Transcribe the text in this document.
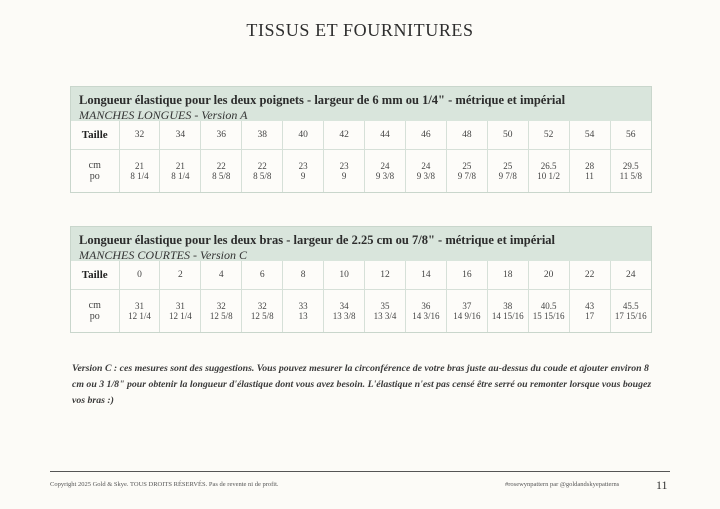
TISSUS ET FOURNITURES
Longueur élastique pour les deux poignets - largeur de 6 mm ou 1/4" - métrique et impérial
MANCHES LONGUES - Version A
Taille	32	34	36	38	40	42	44	46	48	50	52	54	56
cm	21	21	22	22	23	23	24	24	25	25	26.5	28	29.5
po	8 1/4	8 1/4	8 5/8	8 5/8	9	9	9 3/8	9 3/8	9 7/8	9 7/8	10 1/2	11	11 5/8
Longueur élastique pour les deux bras - largeur de 2.25 cm ou 7/8" - métrique et impérial
MANCHES COURTES - Version C
Taille	0	2	4	6	8	10	12	14	16	18	20	22	24
cm	31	31	32	32	33	34	35	36	37	38	40.5	43	45.5
po	12 1/4	12 1/4	12 5/8	12 5/8	13	13 3/8	13 3/4	14 3/16	14 9/16	14 15/16	15 15/16	17	17 15/16
Version C : ces mesures sont des suggestions. Vous pouvez mesurer la circonférence de votre bras juste au-dessus du coude et ajouter environ 8 cm ou 3 1/8" pour obtenir la longueur d'élastique dont vous avez besoin. L'élastique n'est pas censé être serré ou remonter lorsque vous bougez vos bras :)
Copyright 2025 Gold & Skye. TOUS DROITS RÉSERVÉS. Pas de revente ni de profit.	#rosewynpattern par @goldandskyepatterns	11
